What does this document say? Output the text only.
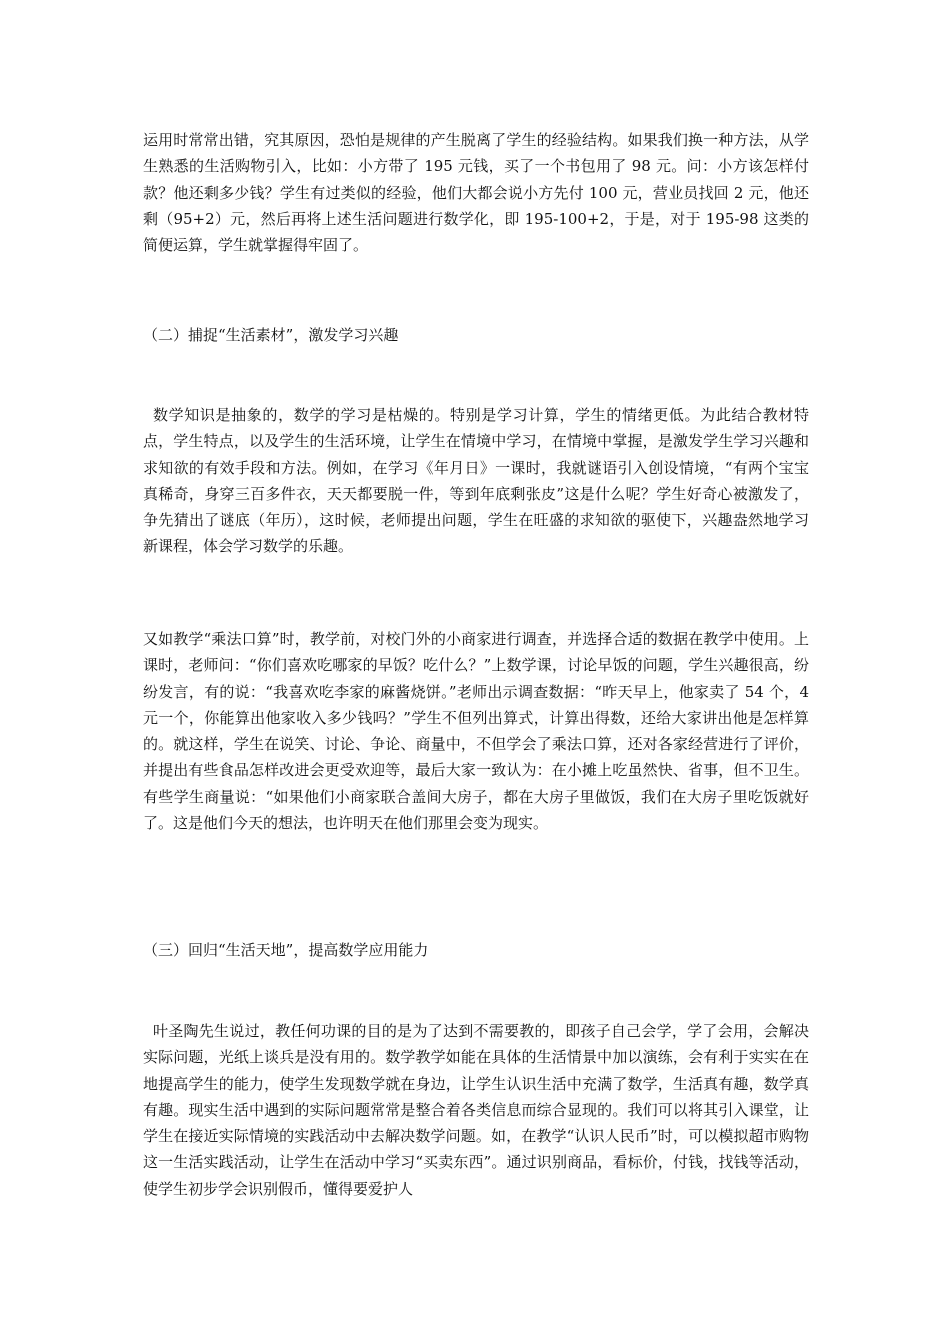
运用时常常出错，究其原因，恐怕是规律的产生脱离了学生的经验结构。如果我们换一种方法，从学生熟悉的生活购物引入，比如：小方带了 195 元钱，买了一个书包用了 98 元。问：小方该怎样付款？他还剩多少钱？学生有过类似的经验，他们大都会说小方先付 100 元，营业员找回 2 元，他还剩（95+2）元，然后再将上述生活问题进行数学化，即 195-100+2，于是，对于 195-98 这类的简便运算，学生就掌握得牢固了。

（二）捕捉“生活素材”，激发学习兴趣

数学知识是抽象的，数学的学习是枯燥的。特别是学习计算，学生的情绪更低。为此结合教材特点，学生特点，以及学生的生活环境，让学生在情境中学习，在情境中掌握，是激发学生学习兴趣和求知欲的有效手段和方法。例如，在学习《年月日》一课时，我就谜语引入创设情境，“有两个宝宝真稀奇，身穿三百多件衣，天天都要脱一件，等到年底剩张皮”这是什么呢？学生好奇心被激发了，争先猜出了谜底（年历），这时候，老师提出问题，学生在旺盛的求知欲的驱使下，兴趣盎然地学习新课程，体会学习数学的乐趣。

又如教学“乘法口算”时，教学前，对校门外的小商家进行调查，并选择合适的数据在教学中使用。上课时，老师问：“你们喜欢吃哪家的早饭？吃什么？”上数学课，讨论早饭的问题，学生兴趣很高，纷纷发言，有的说：“我喜欢吃李家的麻酱烧饼。”老师出示调查数据：“昨天早上，他家卖了 54 个，4 元一个，你能算出他家收入多少钱吗？”学生不但列出算式，计算出得数，还给大家讲出他是怎样算的。就这样，学生在说笑、讨论、争论、商量中，不但学会了乘法口算，还对各家经营进行了评价，并提出有些食品怎样改进会更受欢迎等，最后大家一致认为：在小摊上吃虽然快、省事，但不卫生。有些学生商量说：“如果他们小商家联合盖间大房子，都在大房子里做饭，我们在大房子里吃饭就好了。这是他们今天的想法，也许明天在他们那里会变为现实。

（三）回归“生活天地”，提高数学应用能力

叶圣陶先生说过，教任何功课的目的是为了达到不需要教的，即孩子自己会学，学了会用，会解决实际问题，光纸上谈兵是没有用的。数学教学如能在具体的生活情景中加以演练，会有利于实实在在地提高学生的能力，使学生发现数学就在身边，让学生认识生活中充满了数学，生活真有趣，数学真有趣。现实生活中遇到的实际问题常常是整合着各类信息而综合显现的。我们可以将其引入课堂，让学生在接近实际情境的实践活动中去解决数学问题。如，在教学“认识人民币”时，可以模拟超市购物这一生活实践活动，让学生在活动中学习“买卖东西”。通过识别商品，看标价，付钱，找钱等活动，使学生初步学会识别假币，懂得要爱护人
